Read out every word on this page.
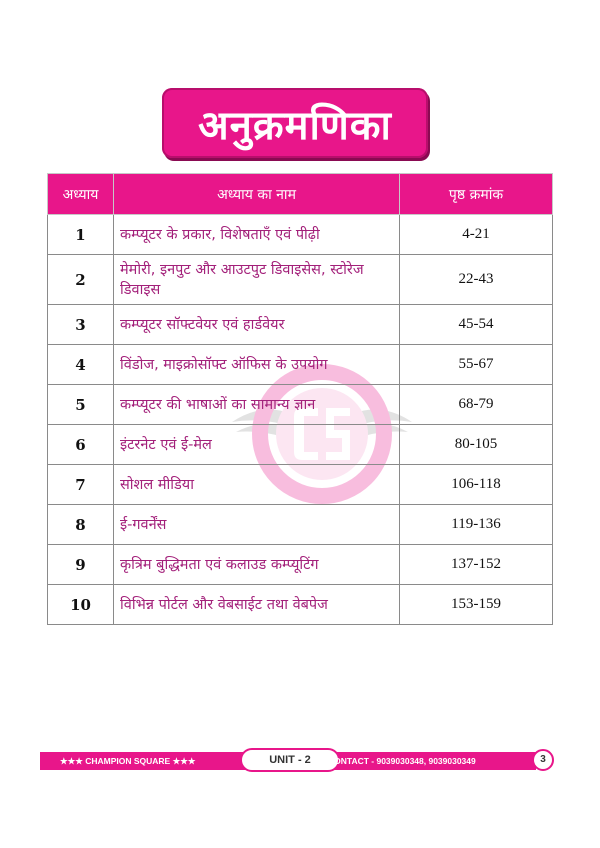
अनुक्रमणिका
अध्याय	अध्याय का नाम	पृष्ठ क्रमांक
1	कम्प्यूटर के प्रकार, विशेषताएँ एवं पीढ़ी	4-21
2	मेमोरी, इनपुट और आउटपुट डिवाइसेस, स्टोरेज डिवाइस	22-43
3	कम्प्यूटर सॉफ्टवेयर एवं हार्डवेयर	45-54
4	विंडोज, माइक्रोसॉफ्ट ऑफिस के उपयोग	55-67
5	कम्प्यूटर की भाषाओं का सामान्य ज्ञान	68-79
6	इंटरनेट एवं ई-मेल	80-105
7	सोशल मीडिया	106-118
8	ई-गवर्नेंस	119-136
9	कृत्रिम बुद्धिमता एवं कलाउड कम्प्यूटिंग	137-152
10	विभिन्न पोर्टल और वेबसाईट तथा वेबपेज	153-159
★★★ CHAMPION SQUARE ★★★	UNIT - 2	CONTACT - 9039030348, 9039030349	3
